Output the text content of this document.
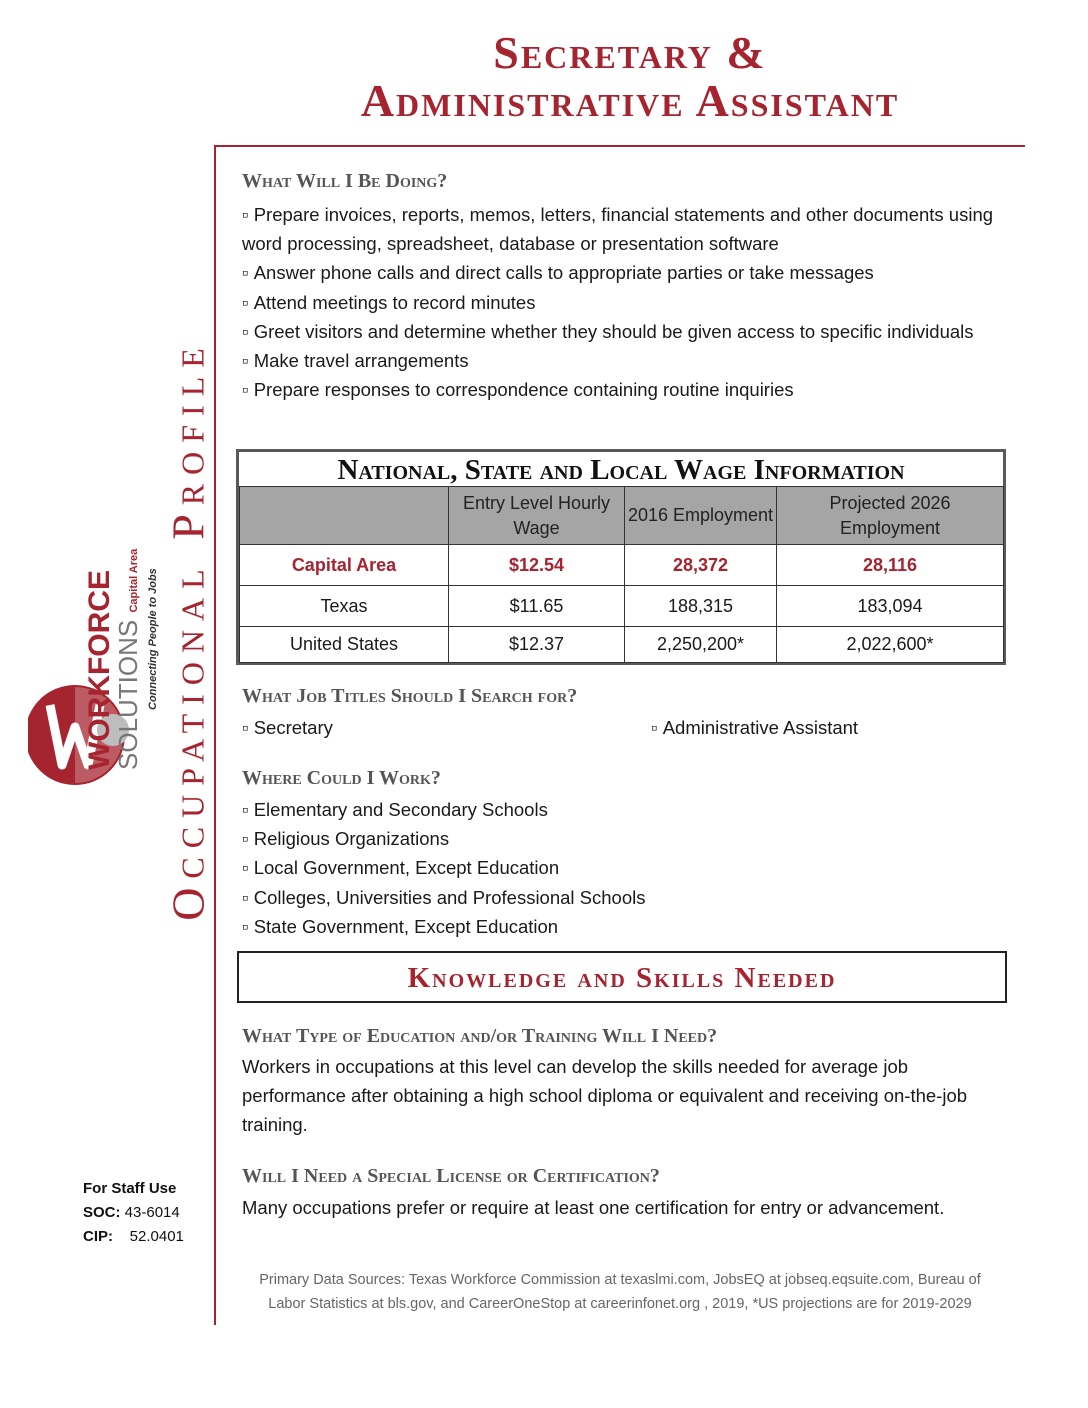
Secretary &
Administrative Assistant
Occupational Profile
WORKFORCE
SOLUTIONS Capital Area Connecting People to Jobs
What Will I Be Doing?
▫ Prepare invoices, reports, memos, letters, financial statements and other documents using word processing, spreadsheet, database or presentation software
▫ Answer phone calls and direct calls to appropriate parties or take messages
▫ Attend meetings to record minutes
▫ Greet visitors and determine whether they should be given access to specific individuals
▫ Make travel arrangements
▫ Prepare responses to correspondence containing routine inquiries
National, State and Local Wage Information
	Entry Level Hourly Wage	2016 Employment	Projected 2026 Employment
Capital Area	$12.54	28,372	28,116
Texas	$11.65	188,315	183,094
United States	$12.37	2,250,200*	2,022,600*
What Job Titles Should I Search for?
▫ Secretary	▫ Administrative Assistant
Where Could I Work?
▫ Elementary and Secondary Schools
▫ Religious Organizations
▫ Local Government, Except Education
▫ Colleges, Universities and Professional Schools
▫ State Government, Except Education
Knowledge and Skills Needed
What Type of Education and/or Training Will I Need?
Workers in occupations at this level can develop the skills needed for average job performance after obtaining a high school diploma or equivalent and receiving on-the-job training.
Will I Need a Special License or Certification?
Many occupations prefer or require at least one certification for entry or advancement.
For Staff Use
SOC: 43-6014
CIP: 52.0401
Primary Data Sources: Texas Workforce Commission at texaslmi.com, JobsEQ at jobseq.eqsuite.com, Bureau of Labor Statistics at bls.gov, and CareerOneStop at careerinfonet.org , 2019, *US projections are for 2019-2029
